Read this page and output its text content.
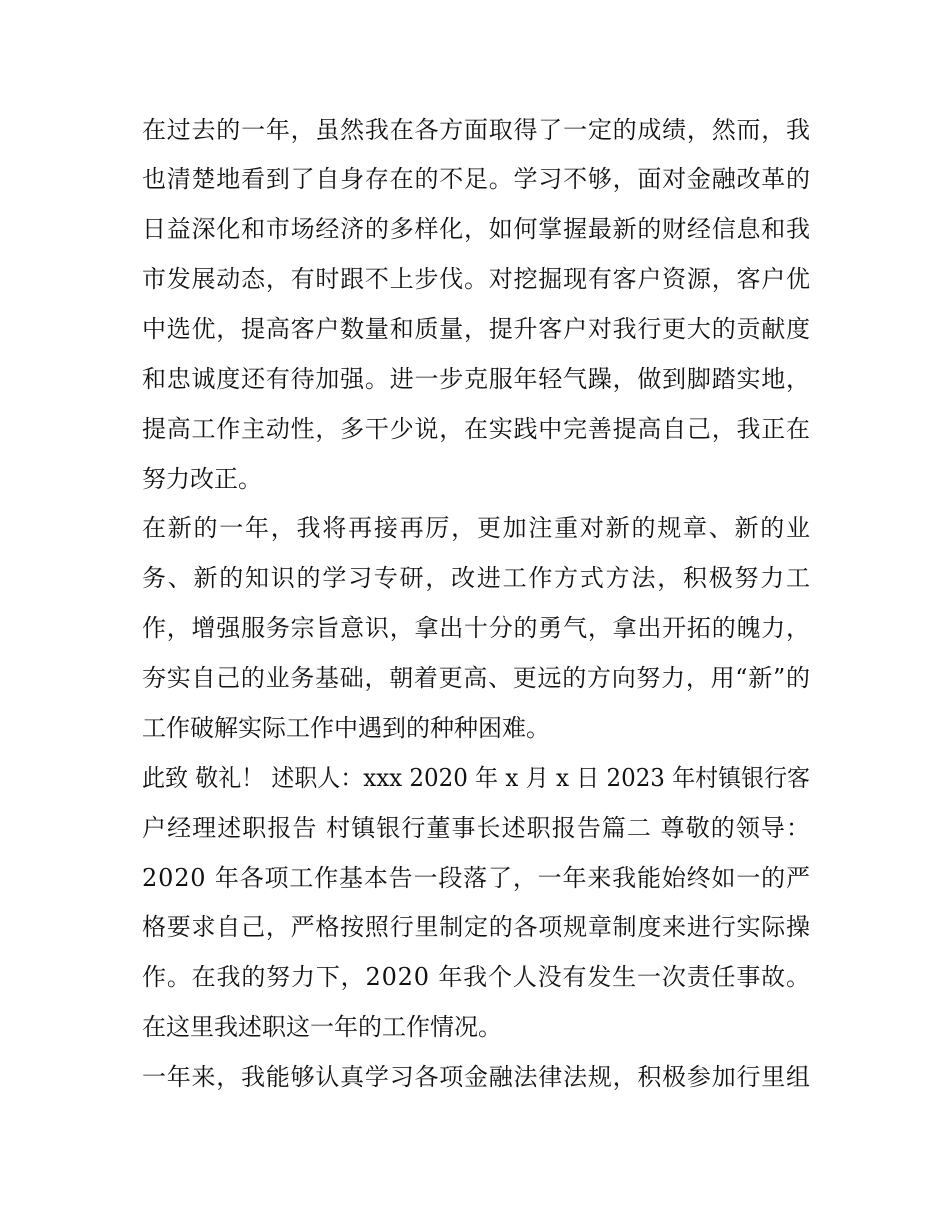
在过去的一年，虽然我在各方面取得了一定的成绩，然而，我
也清楚地看到了自身存在的不足。学习不够，面对金融改革的
日益深化和市场经济的多样化，如何掌握最新的财经信息和我
市发展动态，有时跟不上步伐。对挖掘现有客户资源，客户优
中选优，提高客户数量和质量，提升客户对我行更大的贡献度
和忠诚度还有待加强。进一步克服年轻气躁，做到脚踏实地，
提高工作主动性，多干少说，在实践中完善提高自己，我正在
努力改正。
在新的一年，我将再接再厉，更加注重对新的规章、新的业
务、新的知识的学习专研，改进工作方式方法，积极努力工
作，增强服务宗旨意识，拿出十分的勇气，拿出开拓的魄力，
夯实自己的业务基础，朝着更高、更远的方向努力，用“新”的
工作破解实际工作中遇到的种种困难。
此致 敬礼！ 述职人：xxx 2020 年 x 月 x 日 2023 年村镇银行客
户经理述职报告 村镇银行董事长述职报告篇二 尊敬的领导：
2020 年各项工作基本告一段落了，一年来我能始终如一的严
格要求自己，严格按照行里制定的各项规章制度来进行实际操
作。在我的努力下，2020 年我个人没有发生一次责任事故。
在这里我述职这一年的工作情况。
一年来，我能够认真学习各项金融法律法规，积极参加行里组
